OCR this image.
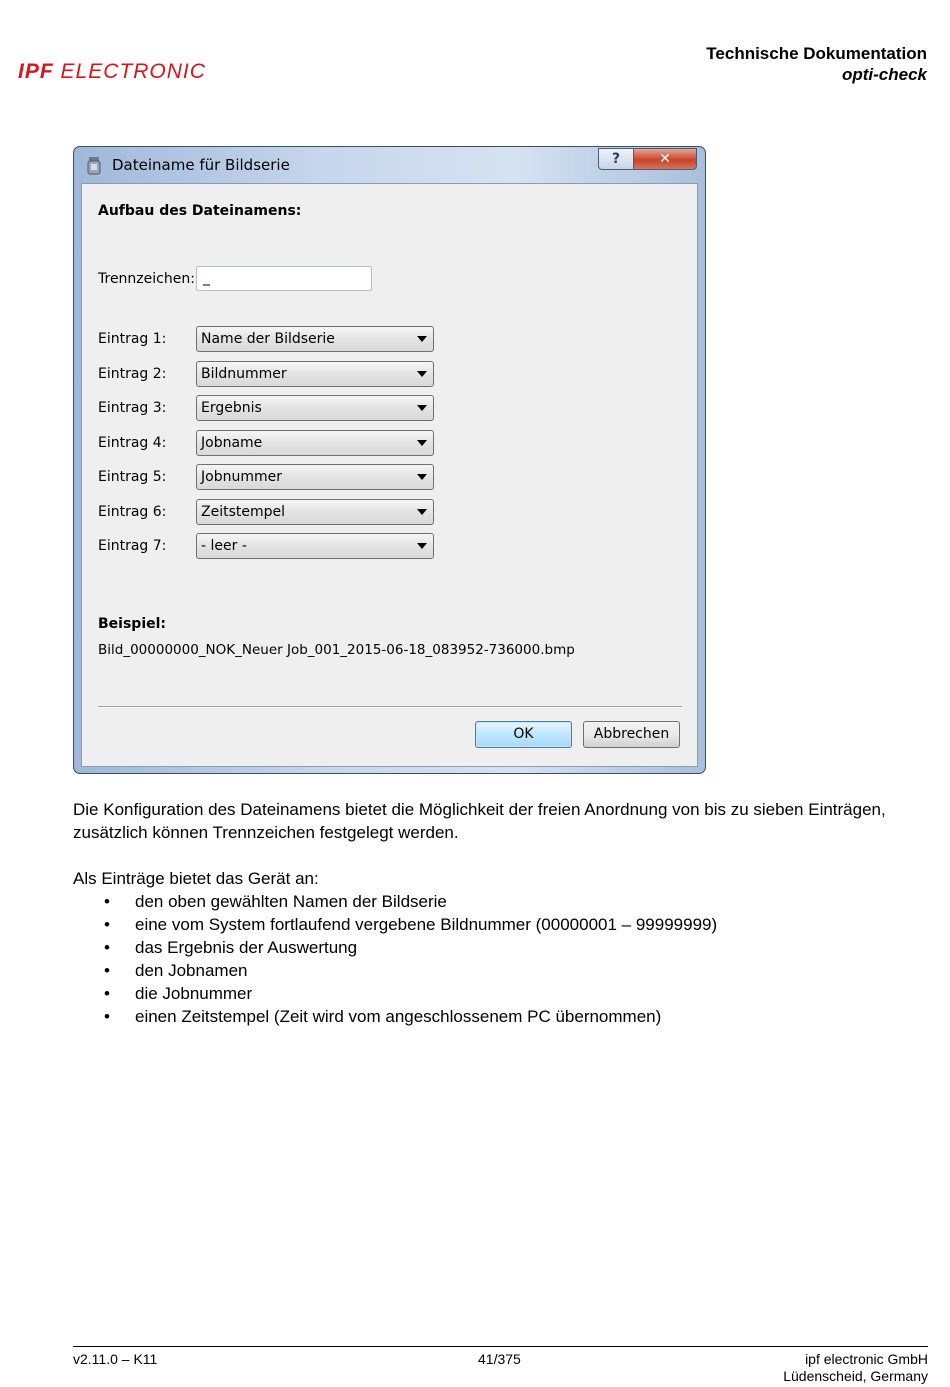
IPF ELECTRONIC
Technische Dokumentation
opti-check
Dateiname für Bildserie	?	✕
Aufbau des Dateinamens:
Trennzeichen: _
Eintrag 1:	Name der Bildserie
Eintrag 2:	Bildnummer
Eintrag 3:	Ergebnis
Eintrag 4:	Jobname
Eintrag 5:	Jobnummer
Eintrag 6:	Zeitstempel
Eintrag 7:	- leer -
Beispiel:
Bild_00000000_NOK_Neuer Job_001_2015-06-18_083952-736000.bmp
OK	Abbrechen
Die Konfiguration des Dateinamens bietet die Möglichkeit der freien Anordnung von bis zu sieben Einträgen,
zusätzlich können Trennzeichen festgelegt werden.
Als Einträge bietet das Gerät an:
• den oben gewählten Namen der Bildserie
• eine vom System fortlaufend vergebene Bildnummer (00000001 – 99999999)
• das Ergebnis der Auswertung
• den Jobnamen
• die Jobnummer
• einen Zeitstempel (Zeit wird vom angeschlossenem PC übernommen)
v2.11.0 – K11	41/375	ipf electronic GmbH
Lüdenscheid, Germany
